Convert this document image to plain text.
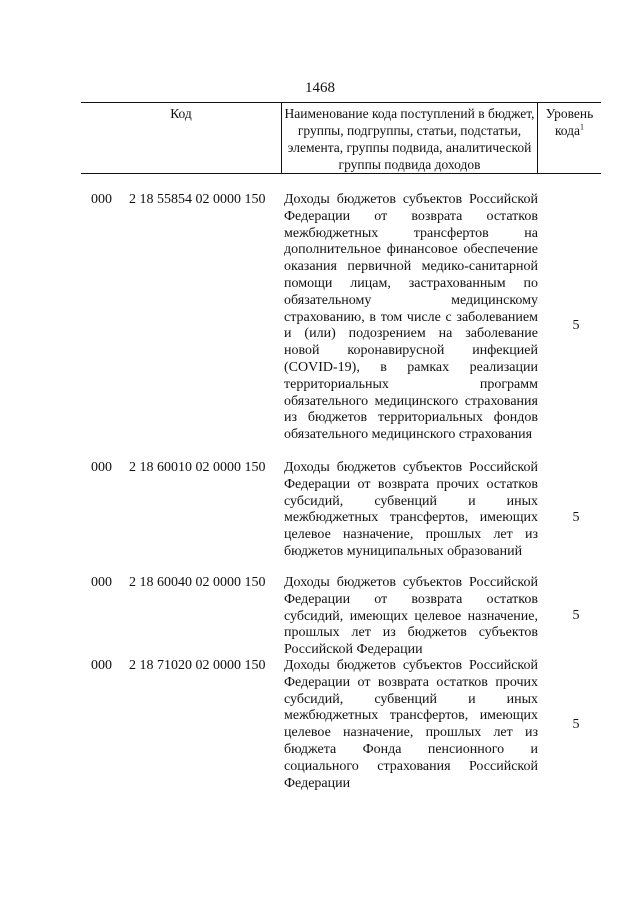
1468
Код	Наименование кода поступлений в бюджет, группы, подгруппы, статьи, подстатьи, элемента, группы подвида, аналитической группы подвида доходов
Уровень кода$^1$
000 2 18 55854 02 0000 150 Доходы бюджетов субъектов Российской Федерации от возврата остатков межбюджетных трансфертов на дополнительное финансовое обеспечение оказания первичной медико-санитарной помощи лицам, застрахованным по обязательному медицинскому страхованию, в том числе с заболеванием и (или) подозрением на заболевание новой коронавирусной инфекцией (COVID-19), в рамках реализации территориальных программ обязательного медицинского страхования из бюджетов территориальных фондов обязательного медицинского страхования
5
000 2 18 60010 02 0000 150 Доходы бюджетов субъектов Российской Федерации от возврата прочих остатков субсидий, субвенций и иных межбюджетных трансфертов, имеющих целевое назначение, прошлых лет из бюджетов муниципальных образований
5
000 2 18 60040 02 0000 150 Доходы бюджетов субъектов Российской Федерации от возврата остатков субсидий, имеющих целевое назначение, прошлых лет из бюджетов субъектов Российской Федерации
5
000 2 18 71020 02 0000 150 Доходы бюджетов субъектов Российской Федерации от возврата остатков прочих субсидий, субвенций и иных межбюджетных трансфертов, имеющих целевое назначение, прошлых лет из бюджета Фонда пенсионного и социального страхования Российской Федерации
5
